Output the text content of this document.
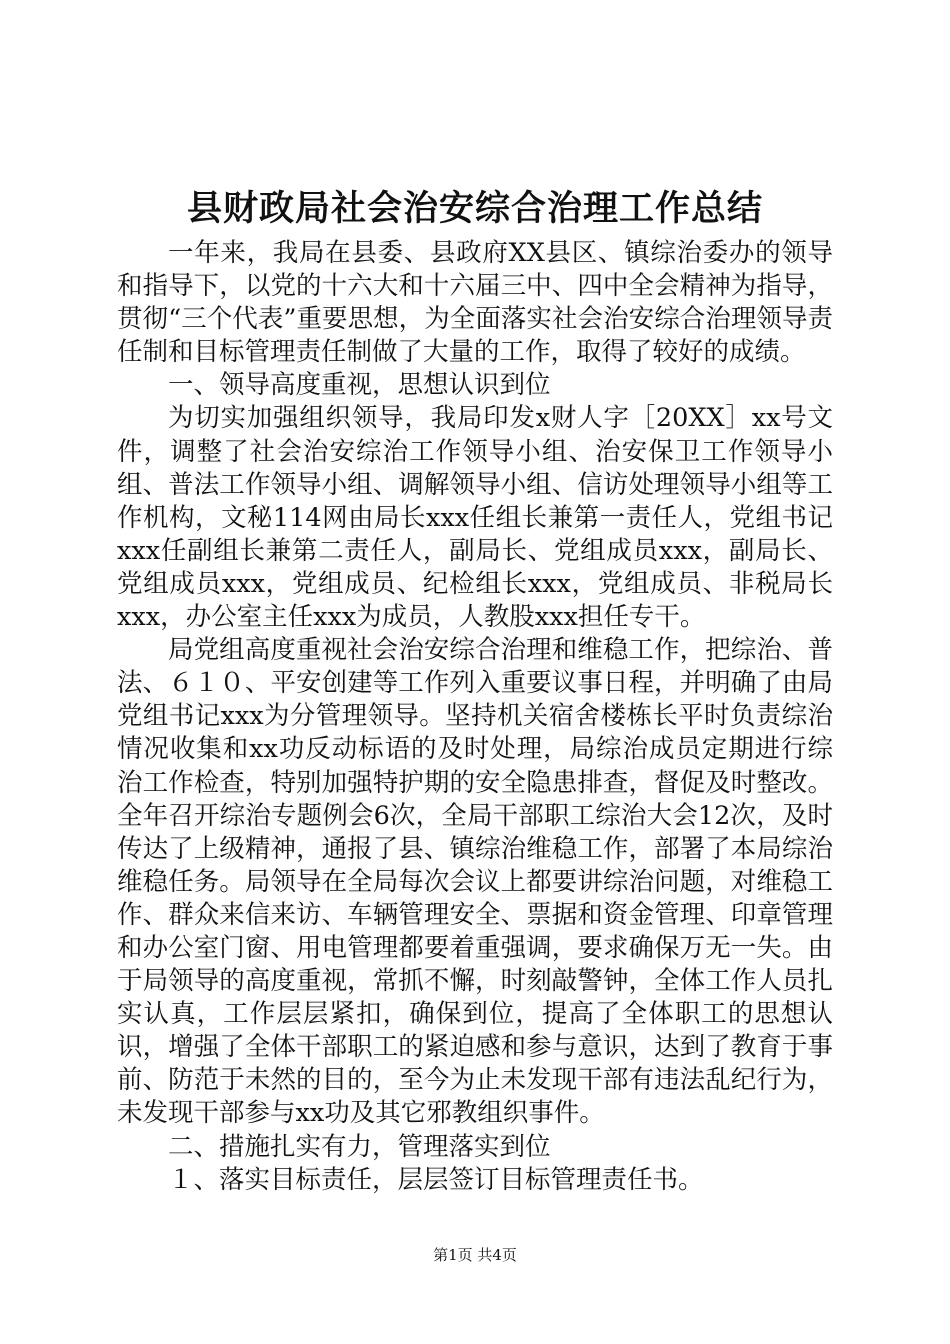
县财政局社会治安综合治理工作总结

一年来，我局在县委、县政府XX县区、镇综治委办的领导和指导下，以党的十六大和十六届三中、四中全会精神为指导，贯彻“三个代表”重要思想，为全面落实社会治安综合治理领导责任制和目标管理责任制做了大量的工作，取得了较好的成绩。

一、领导高度重视，思想认识到位

为切实加强组织领导，我局印发x财人字［20XX］xx号文件，调整了社会治安综治工作领导小组、治安保卫工作领导小组、普法工作领导小组、调解领导小组、信访处理领导小组等工作机构，文秘114网由局长xxx任组长兼第一责任人，党组书记xxx任副组长兼第二责任人，副局长、党组成员xxx，副局长、党组成员xxx，党组成员、纪检组长xxx，党组成员、非税局长xxx，办公室主任xxx为成员，人教股xxx担任专干。

局党组高度重视社会治安综合治理和维稳工作，把综治、普法、６１０、平安创建等工作列入重要议事日程，并明确了由局党组书记xxx为分管理领导。坚持机关宿舍楼栋长平时负责综治情况收集和xx功反动标语的及时处理，局综治成员定期进行综治工作检查，特别加强特护期的安全隐患排查，督促及时整改。全年召开综治专题例会6次，全局干部职工综治大会12次，及时传达了上级精神，通报了县、镇综治维稳工作，部署了本局综治维稳任务。局领导在全局每次会议上都要讲综治问题，对维稳工作、群众来信来访、车辆管理安全、票据和资金管理、印章管理和办公室门窗、用电管理都要着重强调，要求确保万无一失。由于局领导的高度重视，常抓不懈，时刻敲警钟，全体工作人员扎实认真，工作层层紧扣，确保到位，提高了全体职工的思想认识，增强了全体干部职工的紧迫感和参与意识，达到了教育于事前、防范于未然的目的，至今为止未发现干部有违法乱纪行为，未发现干部参与xx功及其它邪教组织事件。

二、措施扎实有力，管理落实到位

１、落实目标责任，层层签订目标管理责任书。

第1页 共4页
